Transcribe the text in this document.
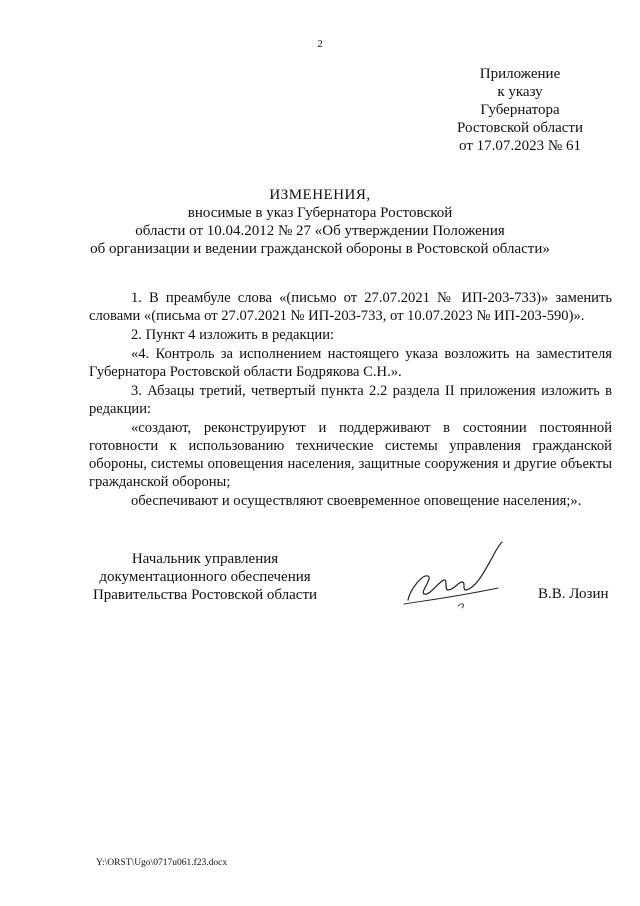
2
Приложение
к указу
Губернатора
Ростовской области
от 17.07.2023 № 61
ИЗМЕНЕНИЯ,
вносимые в указ Губернатора Ростовской
области от 10.04.2012 № 27 «Об утверждении Положения
об организации и ведении гражданской обороны в Ростовской области»

1. В преамбуле слова «(письмо от 27.07.2021 № ИП-203-733)» заменить словами «(письма от 27.07.2021 № ИП-203-733, от 10.07.2023 № ИП-203-590)».

2. Пункт 4 изложить в редакции:

«4. Контроль за исполнением настоящего указа возложить на заместителя Губернатора Ростовской области Бодрякова С.Н.».

3. Абзацы третий, четвертый пункта 2.2 раздела II приложения изложить в редакции:

«создают, реконструируют и поддерживают в состоянии постоянной готовности к использованию технические системы управления гражданской обороны, системы оповещения населения, защитные сооружения и другие объекты гражданской обороны;

обеспечивают и осуществляют своевременное оповещение населения;».

Начальник управления
документационного обеспечения
Правительства Ростовской области	В.В. Лозин
Y:\ORST\Ugo\0717u061.f23.docx
